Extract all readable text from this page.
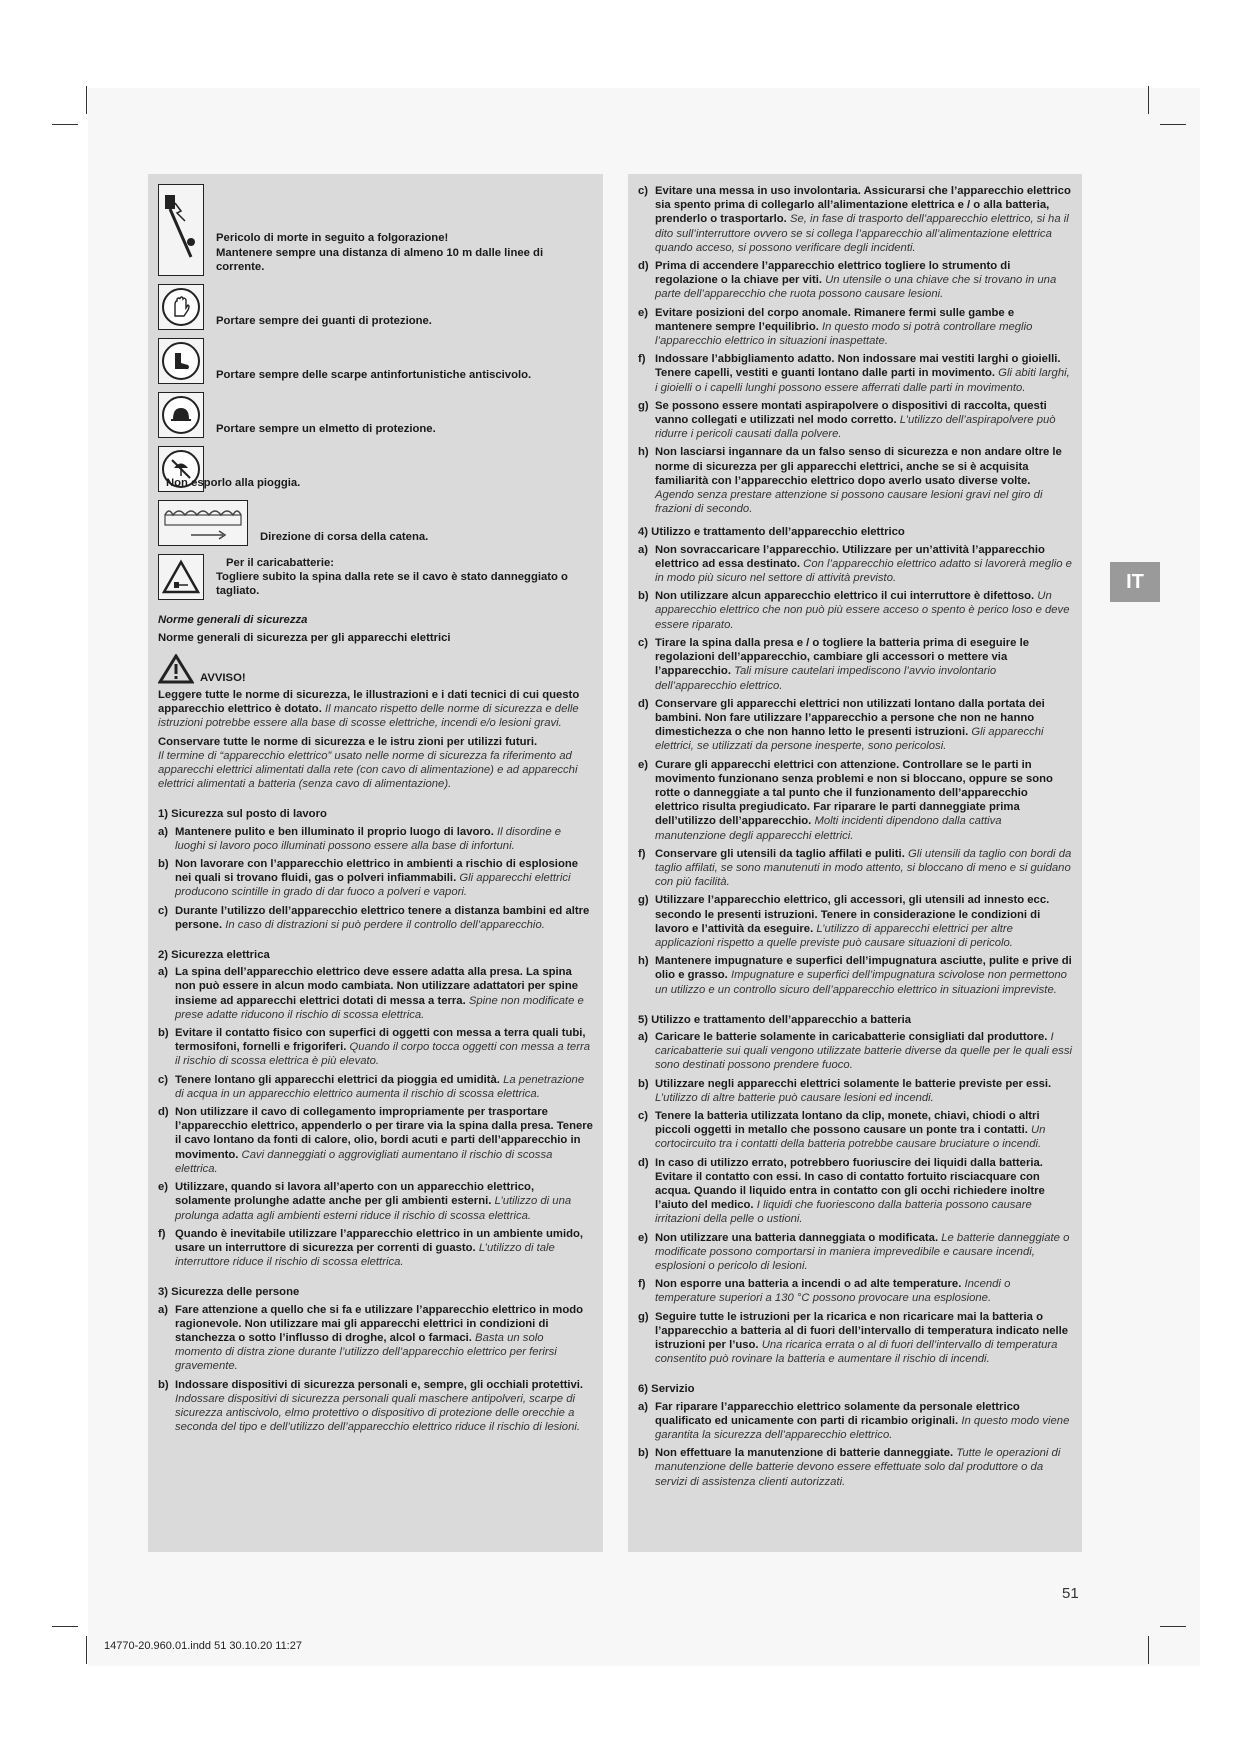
Pericolo di morte in seguito a folgorazione!
Mantenere sempre una distanza di almeno 10 m dalle linee di corrente.
Portare sempre dei guanti di protezione.
Portare sempre delle scarpe antinfortunistiche antiscivolo.
Portare sempre un elmetto di protezione.
Non esporlo alla pioggia.
Direzione di corsa della catena.
Per il caricabatterie:
Togliere subito la spina dalla rete se il cavo è stato danneggiato o tagliato.
Norme generali di sicurezza
Norme generali di sicurezza per gli apparecchi elettrici
AVVISO!

Leggere tutte le norme di sicurezza, le illustrazioni e i dati tecnici di cui questo apparecchio elettrico è dotato. Il mancato rispetto delle norme di sicurezza e delle istruzioni potrebbe essere alla base di scosse elettriche, incendi e/o lesioni gravi.

Conservare tutte le norme di sicurezza e le istru zioni per utilizzi futuri.
Il termine di “apparecchio elettrico” usato nelle norme di sicurezza fa riferimento ad apparecchi elettrici alimentati dalla rete (con cavo di alimentazione) e ad apparecchi elettrici alimentati a batteria (senza cavo di alimentazione).

1) Sicurezza sul posto di lavoro
a) Mantenere pulito e ben illuminato il proprio luogo di lavoro. Il disordine e luoghi si lavoro poco illuminati possono essere alla base di infortuni.
b) Non lavorare con l’apparecchio elettrico in ambienti a rischio di esplosione nei quali si trovano fluidi, gas o polveri infiammabili. Gli apparecchi elettrici producono scintille in grado di dar fuoco a polveri e vapori.
c) Durante l’utilizzo dell’apparecchio elettrico tenere a distanza bambini ed altre persone. In caso di distrazioni si può perdere il controllo dell’apparecchio.
2) Sicurezza elettrica
a) La spina dell’apparecchio elettrico deve essere adatta alla presa. La spina non può essere in alcun modo cambiata. Non utilizzare adattatori per spine insieme ad apparecchi elettrici dotati di messa a terra. Spine non modificate e prese adatte riducono il rischio di scossa elettrica.
b) Evitare il contatto fisico con superfici di oggetti con messa a terra quali tubi, termosifoni, fornelli e frigoriferi. Quando il corpo tocca oggetti con messa a terra il rischio di scossa elettrica è più elevato.
c) Tenere lontano gli apparecchi elettrici da pioggia ed umidità. La penetrazione di acqua in un apparecchio elettrico aumenta il rischio di scossa elettrica.
d) Non utilizzare il cavo di collegamento impropriamente per trasportare l’apparecchio elettrico, appenderlo o per tirare via la spina dalla presa. Tenere il cavo lontano da fonti di calore, olio, bordi acuti e parti dell’apparecchio in movimento. Cavi danneggiati o aggrovigliati aumentano il rischio di scossa elettrica.
e) Utilizzare, quando si lavora all’aperto con un apparecchio elettrico, solamente prolunghe adatte anche per gli ambienti esterni. L’utilizzo di una prolunga adatta agli ambienti esterni riduce il rischio di scossa elettrica.
f) Quando è inevitabile utilizzare l’apparecchio elettrico in un ambiente umido, usare un interruttore di sicurezza per correnti di guasto. L’utilizzo di tale interruttore riduce il rischio di scossa elettrica.
3) Sicurezza delle persone
a) Fare attenzione a quello che si fa e utilizzare l’apparecchio elettrico in modo ragionevole. Non utilizzare mai gli apparecchi elettrici in condizioni di stanchezza o sotto l’influsso di droghe, alcol o farmaci. Basta un solo momento di distra zione durante l’utilizzo dell’apparecchio elettrico per ferirsi gravemente.
b) Indossare dispositivi di sicurezza personali e, sempre, gli occhiali protettivi. Indossare dispositivi di sicurezza personali quali maschere antipolveri, scarpe di sicurezza antiscivolo, elmo protettivo o dispositivo di protezione delle orecchie a seconda del tipo e dell’utilizzo dell’apparecchio elettrico riduce il rischio di lesioni.
c) Evitare una messa in uso involontaria. Assicurarsi che l’apparecchio elettrico sia spento prima di collegarlo all’alimentazione elettrica e / o alla batteria, prenderlo o trasportarlo. Se, in fase di trasporto dell’apparecchio elettrico, si ha il dito sull’interruttore ovvero se si collega l’apparecchio all’alimentazione elettrica quando acceso, si possono verificare degli incidenti.
d) Prima di accendere l’apparecchio elettrico togliere lo strumento di regolazione o la chiave per viti. Un utensile o una chiave che si trovano in una parte dell’apparecchio che ruota possono causare lesioni.
e) Evitare posizioni del corpo anomale. Rimanere fermi sulle gambe e mantenere sempre l’equilibrio. In questo modo si potrà controllare meglio l’apparecchio elettrico in situazioni inaspettate.
f) Indossare l’abbigliamento adatto. Non indossare mai vestiti larghi o gioielli. Tenere capelli, vestiti e guanti lontano dalle parti in movimento. Gli abiti larghi, i gioielli o i capelli lunghi possono essere afferrati dalle parti in movimento.
g) Se possono essere montati aspirapolvere o dispositivi di raccolta, questi vanno collegati e utilizzati nel modo corretto. L’utilizzo dell’aspirapolvere può ridurre i pericoli causati dalla polvere.
h) Non lasciarsi ingannare da un falso senso di sicurezza e non andare oltre le norme di sicurezza per gli apparecchi elettrici, anche se si è acquisita familiarità con l’apparecchio elettrico dopo averlo usato diverse volte. Agendo senza prestare attenzione si possono causare lesioni gravi nel giro di frazioni di secondo.
4) Utilizzo e trattamento dell’apparecchio elettrico
a) Non sovraccaricare l’apparecchio. Utilizzare per un’attività l’apparecchio elettrico ad essa destinato. Con l’apparecchio elettrico adatto si lavorerà meglio e in modo più sicuro nel settore di attività previsto.
b) Non utilizzare alcun apparecchio elettrico il cui interruttore è difettoso. Un apparecchio elettrico che non può più essere acceso o spento è perico loso e deve essere riparato.
c) Tirare la spina dalla presa e / o togliere la batteria prima di eseguire le regolazioni dell’apparecchio, cambiare gli accessori o mettere via l’apparecchio. Tali misure cautelari impediscono l’avvio involontario dell’apparecchio elettrico.
d) Conservare gli apparecchi elettrici non utilizzati lontano dalla portata dei bambini. Non fare utilizzare l’apparecchio a persone che non ne hanno dimestichezza o che non hanno letto le presenti istruzioni. Gli apparecchi elettrici, se utilizzati da persone inesperte, sono pericolosi.
e) Curare gli apparecchi elettrici con attenzione. Controllare se le parti in movimento funzionano senza problemi e non si bloccano, oppure se sono rotte o danneggiate a tal punto che il funzionamento dell’apparecchio elettrico risulta pregiudicato. Far riparare le parti danneggiate prima dell’utilizzo dell’apparecchio. Molti incidenti dipendono dalla cattiva manutenzione degli apparecchi elettrici.
f) Conservare gli utensili da taglio affilati e puliti. Gli utensili da taglio con bordi da taglio affilati, se sono manutenuti in modo attento, si bloccano di meno e si guidano con più facilità.
g) Utilizzare l’apparecchio elettrico, gli accessori, gli utensili ad innesto ecc. secondo le presenti istruzioni. Tenere in considerazione le condizioni di lavoro e l’attività da eseguire. L’utilizzo di apparecchi elettrici per altre applicazioni rispetto a quelle previste può causare situazioni di pericolo.
h) Mantenere impugnature e superfici dell’impugnatura asciutte, pulite e prive di olio e grasso. Impugnature e superfici dell’impugnatura scivolose non permettono un utilizzo e un controllo sicuro dell’apparecchio elettrico in situazioni impreviste.
5) Utilizzo e trattamento dell’apparecchio a batteria
a) Caricare le batterie solamente in caricabatterie consigliati dal produttore. I caricabatterie sui quali vengono utilizzate batterie diverse da quelle per le quali essi sono destinati possono prendere fuoco.
b) Utilizzare negli apparecchi elettrici solamente le batterie previste per essi. L’utilizzo di altre batterie può causare lesioni ed incendi.
c) Tenere la batteria utilizzata lontano da clip, monete, chiavi, chiodi o altri piccoli oggetti in metallo che possono causare un ponte tra i contatti. Un cortocircuito tra i contatti della batteria potrebbe causare bruciature o incendi.
d) In caso di utilizzo errato, potrebbero fuoriuscire dei liquidi dalla batteria. Evitare il contatto con essi. In caso di contatto fortuito risciacquare con acqua. Quando il liquido entra in contatto con gli occhi richiedere inoltre l’aiuto del medico. I liquidi che fuoriescono dalla batteria possono causare irritazioni della pelle o ustioni.
e) Non utilizzare una batteria danneggiata o modificata. Le batterie danneggiate o modificate possono comportarsi in maniera imprevedibile e causare incendi, esplosioni o pericolo di lesioni.
f) Non esporre una batteria a incendi o ad alte temperature. Incendi o temperature superiori a 130 °C possono provocare una esplosione.
g) Seguire tutte le istruzioni per la ricarica e non ricaricare mai la batteria o l’apparecchio a batteria al di fuori dell’intervallo di temperatura indicato nelle istruzioni per l’uso. Una ricarica errata o al di fuori dell’intervallo di temperatura consentito può rovinare la batteria e aumentare il rischio di incendi.
6) Servizio
a) Far riparare l’apparecchio elettrico solamente da personale elettrico qualificato ed unicamente con parti di ricambio originali. In questo modo viene garantita la sicurezza dell’apparecchio elettrico.
b) Non effettuare la manutenzione di batterie danneggiate. Tutte le operazioni di manutenzione delle batterie devono essere effettuate solo dal produttore o da servizi di assistenza clienti autorizzati.
IT
51
14770-20.960.01.indd 51 30.10.20 11:27
